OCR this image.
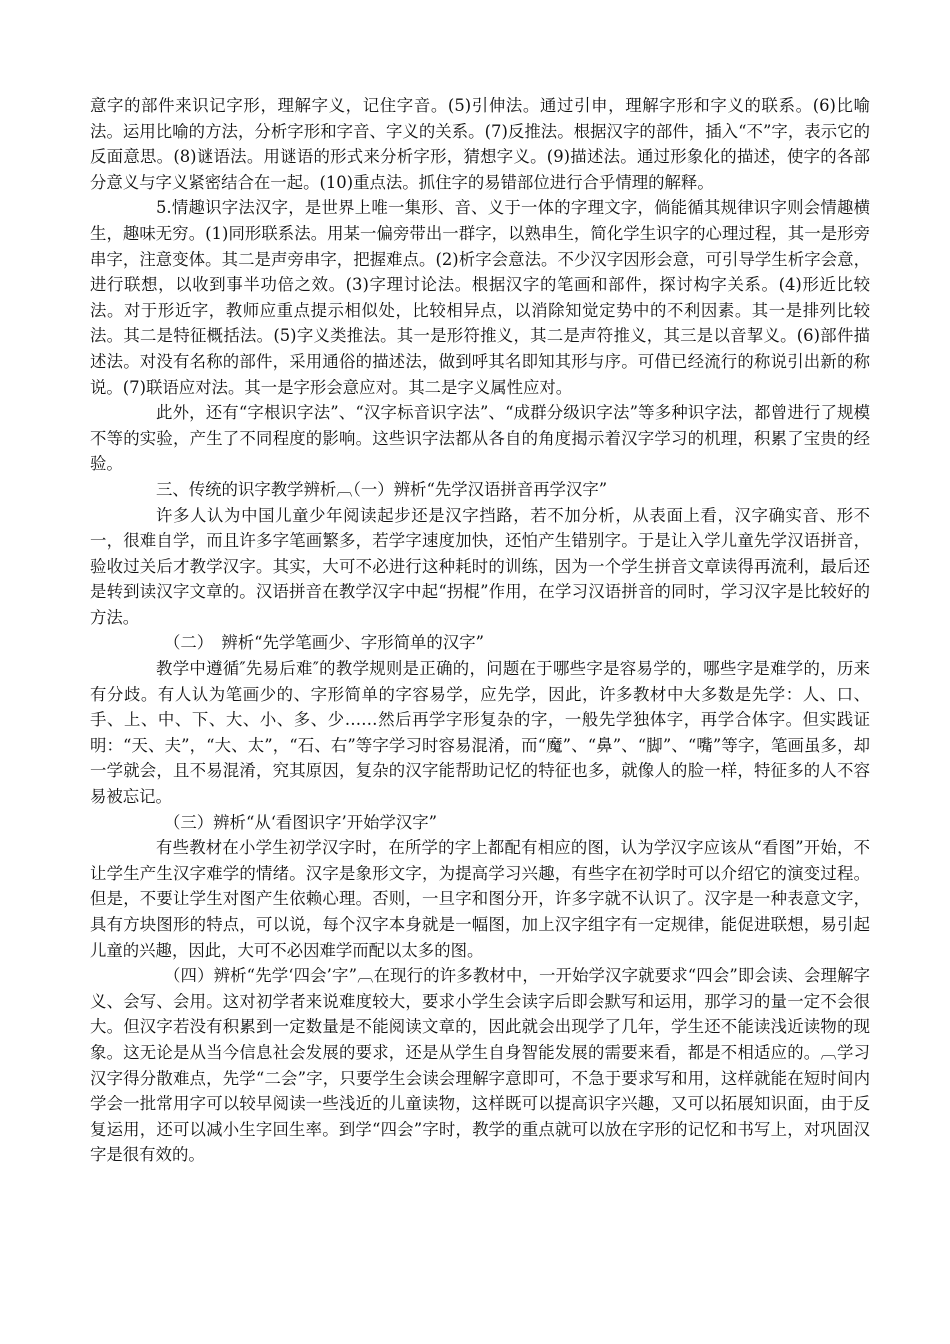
意字的部件来识记字形，理解字义，记住字音。(5)引伸法。通过引申，理解字形和字义的联系。(6)比喻法。运用比喻的方法，分析字形和字音、字义的关系。(7)反推法。根据汉字的部件，插入“不”字，表示它的反面意思。(8)谜语法。用谜语的形式来分析字形，猜想字义。(9)描述法。通过形象化的描述，使字的各部分意义与字义紧密结合在一起。(10)重点法。抓住字的易错部位进行合乎情理的解释。

5.情趣识字法汉字，是世界上唯一集形、音、义于一体的字理文字，倘能循其规律识字则会情趣横生，趣味无穷。(1)同形联系法。用某一偏旁带出一群字，以熟串生，简化学生识字的心理过程，其一是形旁串字，注意变体。其二是声旁串字，把握难点。(2)析字会意法。不少汉字因形会意，可引导学生析字会意，进行联想，以收到事半功倍之效。(3)字理讨论法。根据汉字的笔画和部件，探讨构字关系。(4)形近比较法。对于形近字，教师应重点提示相似处，比较相异点，以消除知觉定势中的不利因素。其一是排列比较法。其二是特征概括法。(5)字义类推法。其一是形符推义，其二是声符推义，其三是以音挈义。(6)部件描述法。对没有名称的部件，采用通俗的描述法，做到呼其名即知其形与序。可借已经流行的称说引出新的称说。(7)联语应对法。其一是字形会意应对。其二是字义属性应对。

此外，还有“字根识字法”、“汉字标音识字法”、“成群分级识字法”等多种识字法，都曾进行了规模不等的实验，产生了不同程度的影响。这些识字法都从各自的角度揭示着汉字学习的机理，积累了宝贵的经验。

三、传统的识字教学辨析︹（一）辨析“先学汉语拼音再学汉字”

许多人认为中国儿童少年阅读起步还是汉字挡路，若不加分析，从表面上看，汉字确实音、形不一，很难自学，而且许多字笔画繁多，若学字速度加快，还怕产生错别字。于是让入学儿童先学汉语拼音，验收过关后才教学汉字。其实，大可不必进行这种耗时的训练，因为一个学生拼音文章读得再流利，最后还是转到读汉字文章的。汉语拼音在教学汉字中起“拐棍”作用，在学习汉语拼音的同时，学习汉字是比较好的方法。

（二）　辨析“先学笔画少、字形简单的汉字”

教学中遵循″先易后难″的教学规则是正确的，问题在于哪些字是容易学的，哪些字是难学的，历来有分歧。有人认为笔画少的、字形简单的字容易学，应先学，因此，许多教材中大多数是先学：人、口、手、上、中、下、大、小、多、少……然后再学字形复杂的字，一般先学独体字，再学合体字。但实践证明：“天、夫”，“大、太”，“石、右”等字学习时容易混淆，而“魔”、“鼻”、“脚”、“嘴”等字，笔画虽多，却一学就会，且不易混淆，究其原因，复杂的汉字能帮助记忆的特征也多，就像人的脸一样，特征多的人不容易被忘记。

（三）辨析“从‘看图识字’开始学汉字”

有些教材在小学生初学汉字时，在所学的字上都配有相应的图，认为学汉字应该从“看图”开始，不让学生产生汉字难学的情绪。汉字是象形文字，为提高学习兴趣，有些字在初学时可以介绍它的演变过程。但是，不要让学生对图产生依赖心理。否则，一旦字和图分开，许多字就不认识了。汉字是一种表意文字，具有方块图形的特点，可以说，每个汉字本身就是一幅图，加上汉字组字有一定规律，能促进联想，易引起儿童的兴趣，因此，大可不必因难学而配以太多的图。

（四）辨析“先学‘四会’字”︹在现行的许多教材中，一开始学汉字就要求“四会”即会读、会理解字义、会写、会用。这对初学者来说难度较大，要求小学生会读字后即会默写和运用，那学习的量一定不会很大。但汉字若没有积累到一定数量是不能阅读文章的，因此就会出现学了几年，学生还不能读浅近读物的现象。这无论是从当今信息社会发展的要求，还是从学生自身智能发展的需要来看，都是不相适应的。︹学习汉字得分散难点，先学“二会”字，只要学生会读会理解字意即可，不急于要求写和用，这样就能在短时间内学会一批常用字可以较早阅读一些浅近的儿童读物，这样既可以提高识字兴趣，又可以拓展知识面，由于反复运用，还可以减小生字回生率。到学“四会”字时，教学的重点就可以放在字形的记忆和书写上，对巩固汉字是很有效的。
